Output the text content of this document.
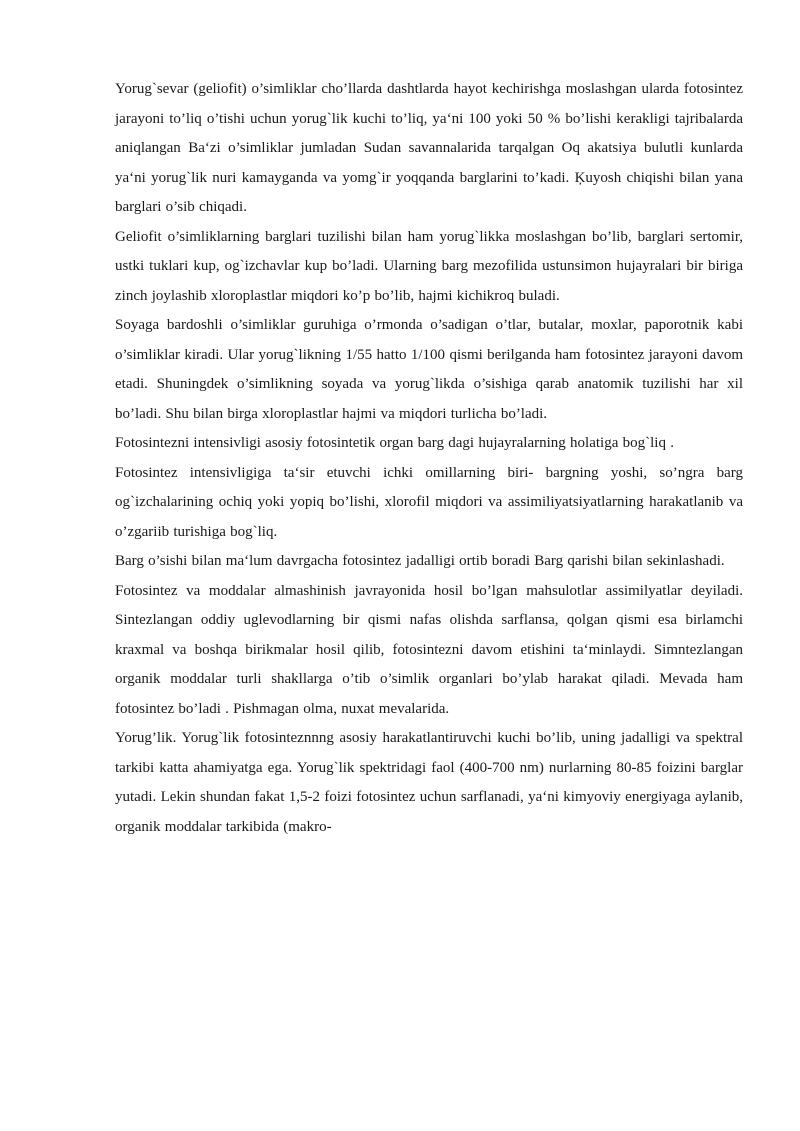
Yorug`sevar (geliofit) o’simliklar cho’llarda dashtlarda hayot kechirishga moslashgan ularda fotosintez jarayoni to’liq o’tishi uchun yorug`lik kuchi to’liq, ya‘ni 100 yoki 50 % bo’lishi kerakligi tajribalarda aniqlangan Ba‘zi o’simliklar jumladan Sudan savannalarida tarqalgan Oq akatsiya bulutli kunlarda ya‘ni yorug`lik nuri kamayganda va yomg`ir yoqqanda barglarini to’kadi. Ķuyosh chiqishi bilan yana barglari o’sib chiqadi.

Geliofit o’simliklarning barglari tuzilishi bilan ham yorug`likka moslashgan bo’lib, barglari sertomir, ustki tuklari kup, og`izchavlar kup bo’ladi. Ularning barg mezofilida ustunsimon hujayralari bir biriga zinch joylashib xloroplastlar miqdori ko’p bo’lib, hajmi kichikroq buladi.

Soyaga bardoshli o’simliklar guruhiga o’rmonda o’sadigan o’tlar, butalar, moxlar, paporotnik kabi o’simliklar kiradi. Ular yorug`likning 1/55 hatto 1/100 qismi berilganda ham fotosintez jarayoni davom etadi. Shuningdek o’simlikning soyada va yorug`likda o’sishiga qarab anatomik tuzilishi har xil bo’ladi. Shu bilan birga xloroplastlar hajmi va miqdori turlicha bo’ladi.

Fotosintezni intensivligi asosiy fotosintetik organ barg dagi hujayralarning holatiga bog`liq .

Fotosintez intensivligiga ta‘sir etuvchi ichki omillarning biri- bargning yoshi, so’ngra barg og`izchalarining ochiq yoki yopiq bo’lishi, xlorofil miqdori va assimiliyatsiyatlarning harakatlanib va o’zgariib turishiga bog`liq.

Barg o’sishi bilan ma‘lum davrgacha fotosintez jadalligi ortib boradi Barg qarishi bilan sekinlashadi.

Fotosintez va moddalar almashinish javrayonida hosil bo’lgan mahsulotlar assimilyatlar deyiladi. Sintezlangan oddiy uglevodlarning bir qismi nafas olishda sarflansa, qolgan qismi esa birlamchi kraxmal va boshqa birikmalar hosil qilib, fotosintezni davom etishini ta‘minlaydi. Simntezlangan organik moddalar turli shakllarga o’tib o’simlik organlari bo’ylab harakat qiladi. Mevada ham fotosintez bo’ladi . Pishmagan olma, nuxat mevalarida.

Yorug’lik. Yorug`lik fotosinteznnng asosiy harakatlantiruvchi kuchi bo’lib, uning jadalligi va spektral tarkibi katta ahamiyatga ega. Yorug`lik spektridagi faol (400-700 nm) nurlarning 80-85 foizini barglar yutadi. Lekin shundan fakat 1,5-2 foizi fotosintez uchun sarflanadi, ya‘ni kimyoviy energiyaga aylanib, organik moddalar tarkibida (makro-
